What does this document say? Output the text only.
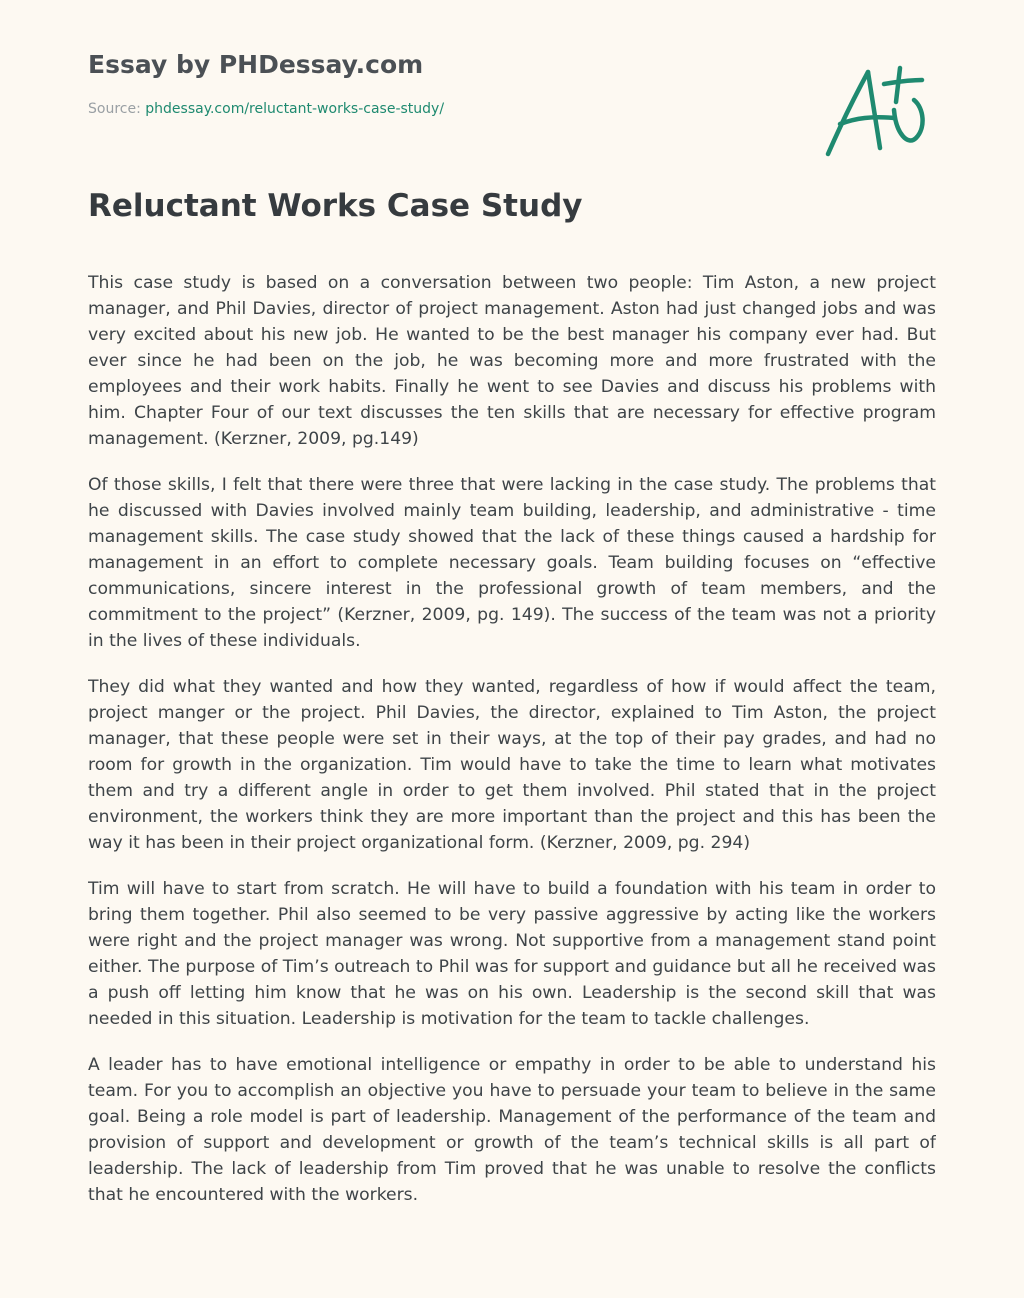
Essay by PHDessay.com
Source: phdessay.com/reluctant-works-case-study/
Reluctant Works Case Study

This case study is based on a conversation between two people: Tim Aston, a new project manager, and Phil Davies, director of project management. Aston had just changed jobs and was very excited about his new job. He wanted to be the best manager his company ever had. But ever since he had been on the job, he was becoming more and more frustrated with the employees and their work habits. Finally he went to see Davies and discuss his problems with him. Chapter Four of our text discusses the ten skills that are necessary for effective program management. (Kerzner, 2009, pg.149)

Of those skills, I felt that there were three that were lacking in the case study. The problems that he discussed with Davies involved mainly team building, leadership, and administrative - time management skills. The case study showed that the lack of these things caused a hardship for management in an effort to complete necessary goals. Team building focuses on “effective communications, sincere interest in the professional growth of team members, and the commitment to the project” (Kerzner, 2009, pg. 149). The success of the team was not a priority in the lives of these individuals.

They did what they wanted and how they wanted, regardless of how if would affect the team, project manger or the project. Phil Davies, the director, explained to Tim Aston, the project manager, that these people were set in their ways, at the top of their pay grades, and had no room for growth in the organization. Tim would have to take the time to learn what motivates them and try a different angle in order to get them involved. Phil stated that in the project environment, the workers think they are more important than the project and this has been the way it has been in their project organizational form. (Kerzner, 2009, pg. 294)

Tim will have to start from scratch. He will have to build a foundation with his team in order to bring them together. Phil also seemed to be very passive aggressive by acting like the workers were right and the project manager was wrong. Not supportive from a management stand point either. The purpose of Tim’s outreach to Phil was for support and guidance but all he received was a push off letting him know that he was on his own. Leadership is the second skill that was needed in this situation. Leadership is motivation for the team to tackle challenges.

A leader has to have emotional intelligence or empathy in order to be able to understand his team. For you to accomplish an objective you have to persuade your team to believe in the same goal. Being a role model is part of leadership. Management of the performance of the team and provision of support and development or growth of the team’s technical skills is all part of leadership. The lack of leadership from Tim proved that he was unable to resolve the conflicts that he encountered with the workers.
